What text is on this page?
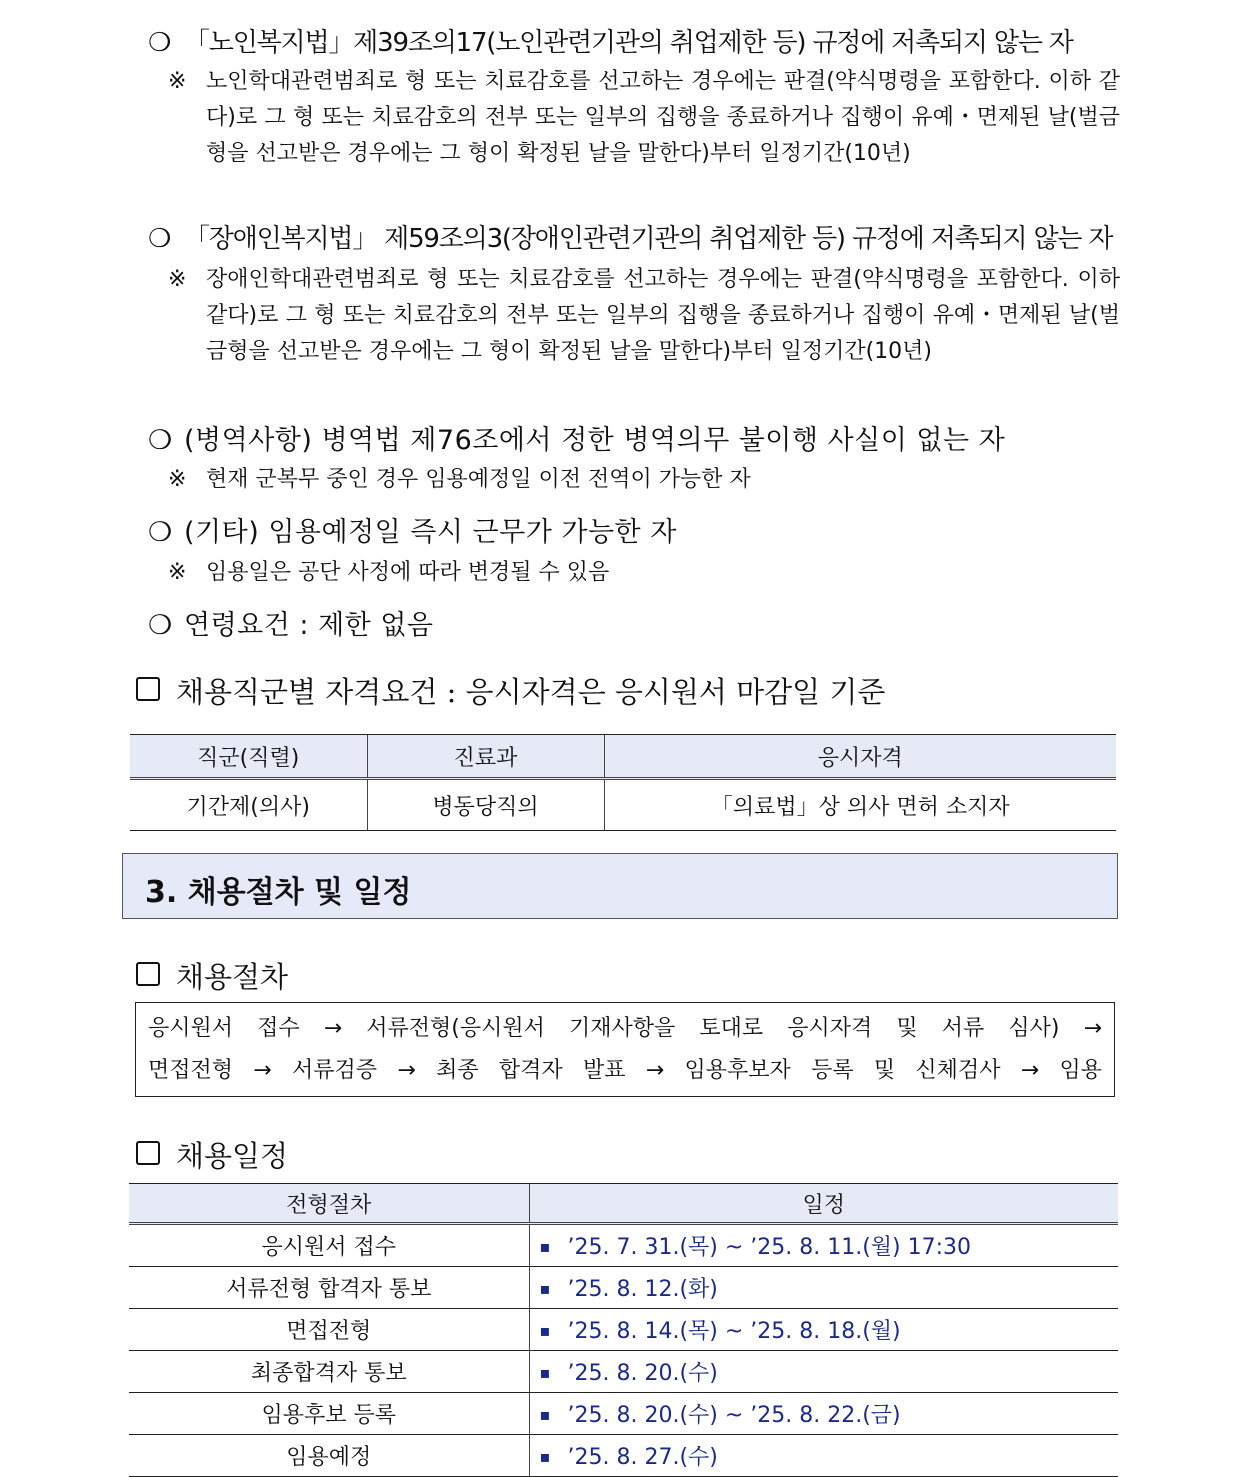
❍ 「노인복지법」제39조의17(노인관련기관의 취업제한 등) 규정에 저촉되지 않는 자
※ 노인학대관련범죄로 형 또는 치료감호를 선고하는 경우에는 판결(약식명령을 포함한다. 이하 같다)로 그 형 또는 치료감호의 전부 또는 일부의 집행을 종료하거나 집행이 유예・면제된 날(벌금형을 선고받은 경우에는 그 형이 확정된 날을 말한다)부터 일정기간(10년)
❍ 「장애인복지법」 제59조의3(장애인관련기관의 취업제한 등) 규정에 저촉되지 않는 자
※ 장애인학대관련범죄로 형 또는 치료감호를 선고하는 경우에는 판결(약식명령을 포함한다. 이하 같다)로 그 형 또는 치료감호의 전부 또는 일부의 집행을 종료하거나 집행이 유예・면제된 날(벌금형을 선고받은 경우에는 그 형이 확정된 날을 말한다)부터 일정기간(10년)
❍ (병역사항) 병역법 제76조에서 정한 병역의무 불이행 사실이 없는 자
※ 현재 군복무 중인 경우 임용예정일 이전 전역이 가능한 자
❍ (기타) 임용예정일 즉시 근무가 가능한 자
※ 임용일은 공단 사정에 따라 변경될 수 있음
❍ 연령요건 : 제한 없음
채용직군별 자격요건 : 응시자격은 응시원서 마감일 기준
직군(직렬)	진료과	응시자격
기간제(의사)	병동당직의	「의료법」상 의사 면허 소지자
3. 채용절차 및 일정
채용절차
응시원서 접수 → 서류전형(응시원서 기재사항을 토대로 응시자격 및 서류 심사) →
면접전형 → 서류검증 → 최종 합격자 발표 → 임용후보자 등록 및 신체검사 → 임용
채용일정
전형절차	일정
응시원서 접수	▪ ’25. 7. 31.(목) ~ ’25. 8. 11.(월) 17:30
서류전형 합격자 통보	▪ ’25. 8. 12.(화)
면접전형	▪ ’25. 8. 14.(목) ~ ’25. 8. 18.(월)
최종합격자 통보	▪ ’25. 8. 20.(수)
임용후보 등록	▪ ’25. 8. 20.(수) ~ ’25. 8. 22.(금)
임용예정	▪ ’25. 8. 27.(수)
